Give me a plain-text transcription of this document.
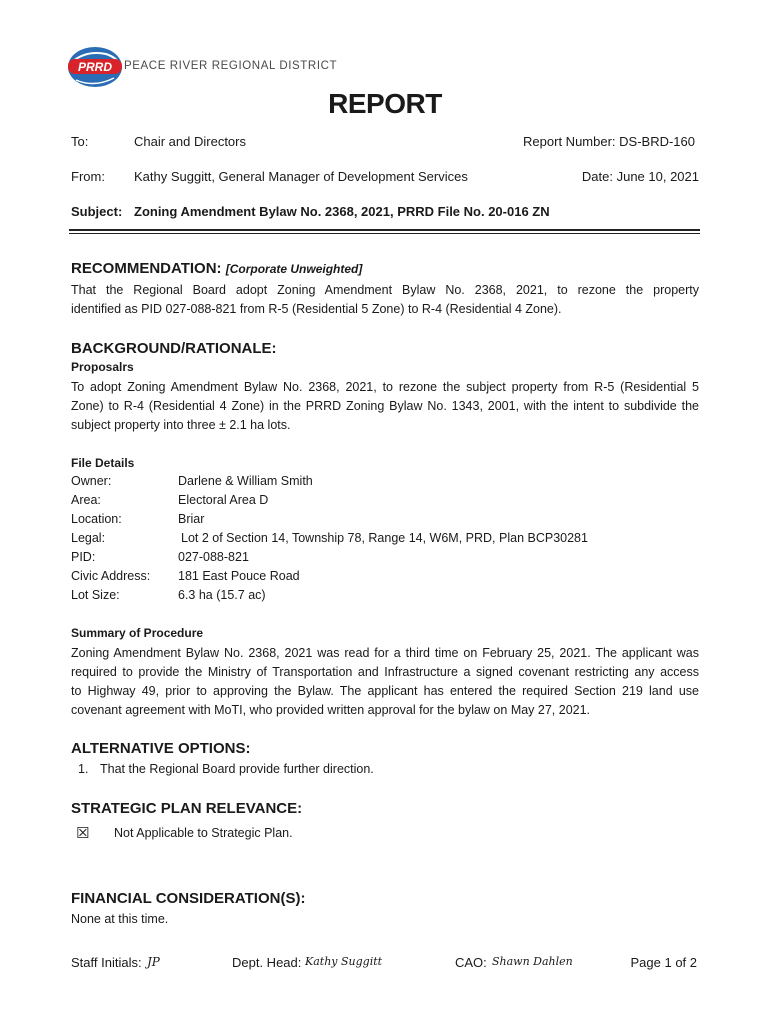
PRRD PEACE RIVER REGIONAL DISTRICT
REPORT
To:	Chair and Directors	Report Number: DS-BRD-160
From: Kathy Suggitt, General Manager of Development Services	Date: June 10, 2021
Subject: Zoning Amendment Bylaw No. 2368, 2021, PRRD File No. 20-016 ZN
RECOMMENDATION: [Corporate Unweighted]
That the Regional Board adopt Zoning Amendment Bylaw No. 2368, 2021, to rezone the property
identified as PID 027-088-821 from R-5 (Residential 5 Zone) to R-4 (Residential 4 Zone).
BACKGROUND/RATIONALE:
Proposalrs
To adopt Zoning Amendment Bylaw No. 2368, 2021, to rezone the subject property from R-5 (Residential 5
Zone) to R-4 (Residential 4 Zone) in the PRRD Zoning Bylaw No. 1343, 2001, with the intent to subdivide the
subject property into three ± 2.1 ha lots.
File Details
Owner:	Darlene & William Smith
Area:	Electoral Area D
Location:	Briar
Legal:	Lot 2 of Section 14, Township 78, Range 14, W6M, PRD, Plan BCP30281
PID:	027-088-821
Civic Address: 181 East Pouce Road
Lot Size:	6.3 ha (15.7 ac)
Summary of Procedure
Zoning Amendment Bylaw No. 2368, 2021 was read for a third time on February 25, 2021. The applicant was
required to provide the Ministry of Transportation and Infrastructure a signed covenant restricting any access
to Highway 49, prior to approving the Bylaw. The applicant has entered the required Section 219 land use
covenant agreement with MoTI, who provided written approval for the bylaw on May 27, 2021.
ALTERNATIVE OPTIONS:
1. That the Regional Board provide further direction.
STRATEGIC PLAN RELEVANCE:
☒ Not Applicable to Strategic Plan.
FINANCIAL CONSIDERATION(S):
None at this time.
Staff Initials: JP	Dept. Head: Kathy Suggitt	CAO: Shawn Dahlen	Page 1 of 2
